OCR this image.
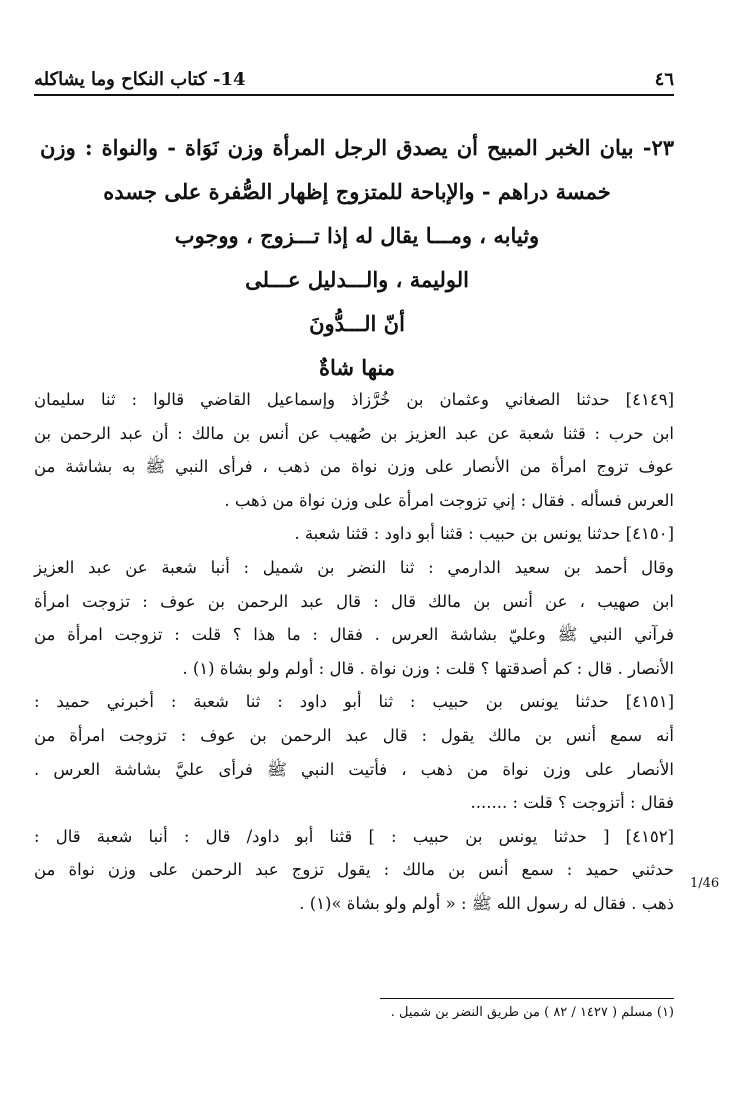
٤٦
14- كتاب النكاح وما يشاكله

٢٣- بيان الخبر المبيح أن يصدق الرجل المرأة وزن نَوَاة - والنواة : وزن

خمسة دراهم - والإباحة للمتزوج إظهار الصُّفرة على جسده

وثيابه ، ومـــا يقال له إذا تـــزوج ، ووجوب

الوليمة ، والـــدليل عـــلى

أنّ الـــدُّونَ

منها شاةٌ

[٤١٤٩] حدثنا الصغاني وعثمان بن خُرَّزاذ وإسماعيل القاضي قالوا : ثنا سليمان
ابن حرب : قثنا شعبة عن عبد العزيز بن صُهيب عن أنس بن مالك : أن عبد الرحمن بن
عوف تزوج امرأة من الأنصار على وزن نواة من ذهب ، فرأى النبي ﷺ به بشاشة من
العرس فسأله . فقال : إني تزوجت امرأة على وزن نواة من ذهب .
[٤١٥٠] حدثنا يونس بن حبيب : قثنا أبو داود : قثنا شعبة .
وقال أحمد بن سعيد الدارمي : ثنا النضر بن شميل : أنبا شعبة عن عبد العزيز
ابن صهيب ، عن أنس بن مالك قال : قال عبد الرحمن بن عوف : تزوجت امرأة
فرآني النبي ﷺ وعليّ بشاشة العرس . فقال : ما هذا ؟ قلت : تزوجت امرأة من
الأنصار . قال : كم أصدقتها ؟ قلت : وزن نواة . قال : أولم ولو بشاة (١) .
[٤١٥١] حدثنا يونس بن حبيب : ثنا أبو داود : ثنا شعبة : أخبرني حميد :
أنه سمع أنس بن مالك يقول : قال عبد الرحمن بن عوف : تزوجت امرأة من
الأنصار على وزن نواة من ذهب ، فأتيت النبي ﷺ فرأى عليَّ بشاشة العرس .
فقال : أتزوجت ؟ قلت : .......
[٤١٥٢] [ حدثنا يونس بن حبيب : ] قثنا أبو داود/ قال : أنبا شعبة قال :
حدثني حميد : سمع أنس بن مالك : يقول تزوج عبد الرحمن على وزن نواة من
ذهب . فقال له رسول الله ﷺ : « أولم ولو بشاة »(١) .
1/46
(١) مسلم ( ١٤٢٧ / ٨٢ ) من طريق النضر بن شميل .
